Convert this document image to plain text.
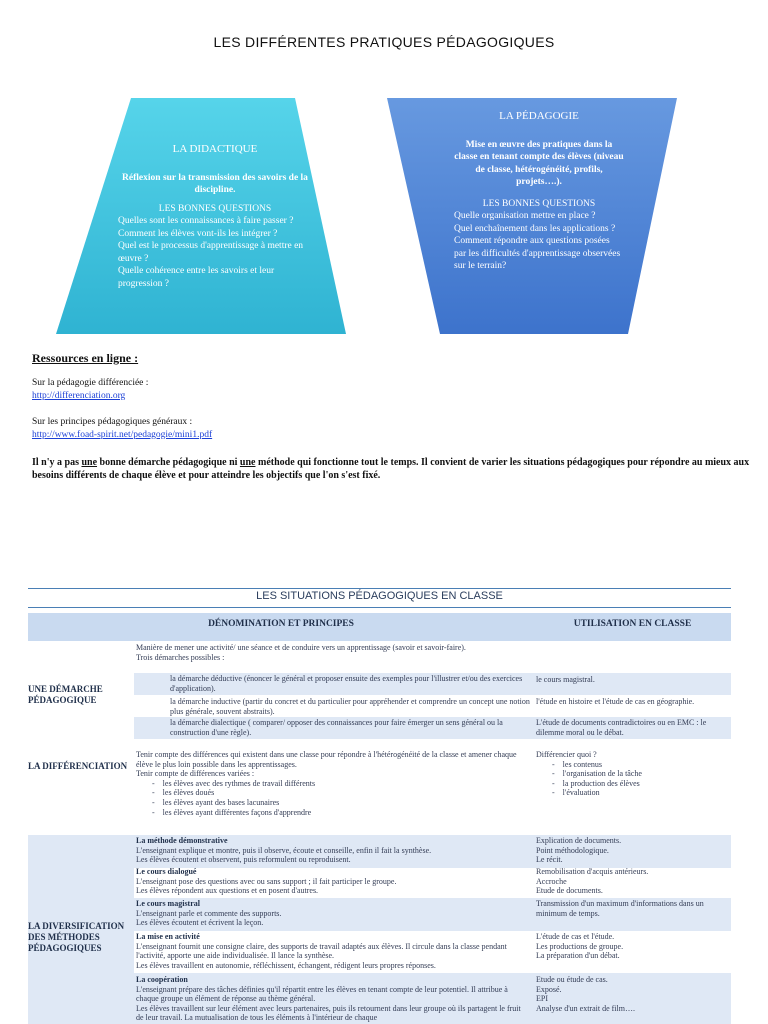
LES DIFFÉRENTES PRATIQUES PÉDAGOGIQUES
LA DIDACTIQUE
Réflexion sur la transmission des savoirs de la discipline.
LES BONNES QUESTIONS
Quelles sont les connaissances à faire passer ?
Comment les élèves vont-ils les intégrer ?
Quel est le processus d'apprentissage à mettre en œuvre ?
Quelle cohérence entre les savoirs et leur progression ?
LA PÉDAGOGIE
Mise en œuvre des pratiques dans la classe en tenant compte des élèves (niveau de classe, hétérogénéité, profils, projets….).
LES BONNES QUESTIONS
Quelle organisation mettre en place ?
Quel enchaînement dans les applications ?
Comment répondre aux questions posées par les difficultés d'apprentissage observées sur le terrain?
Ressources en ligne :
Sur la pédagogie différenciée :
http://differenciation.org
Sur les principes pédagogiques généraux :
http://www.foad-spirit.net/pedagogie/mini1.pdf
Il n'y a pas une bonne démarche pédagogique ni une méthode qui fonctionne tout le temps. Il convient de varier les situations pédagogiques pour répondre au mieux aux besoins différents de chaque élève et pour atteindre les objectifs que l'on s'est fixé.
LES SITUATIONS PÉDAGOGIQUES EN CLASSE
DÉNOMINATION ET PRINCIPES	UTILISATION EN CLASSE
UNE DÉMARCHE PÉDAGOGIQUE
Manière de mener une activité/ une séance et de conduire vers un apprentissage (savoir et savoir-faire).
Trois démarches possibles :
la démarche déductive (énoncer le général et proposer ensuite des exemples pour l'illustrer et/ou des exercices d'application).
la démarche inductive (partir du concret et du particulier pour appréhender et comprendre un concept une notion plus générale, souvent abstraits).
la démarche dialectique ( comparer/ opposer des connaissances pour faire émerger un sens général ou la construction d'une règle).
le cours magistral.
l'étude en histoire et l'étude de cas en géographie.
L'étude de documents contradictoires ou en EMC : le dilemme moral ou le débat.
LA DIFFÉRENCIATION
Tenir compte des différences qui existent dans une classe pour répondre à l'hétérogénéité de la classe et amener chaque élève le plus loin possible dans les apprentissages.
Tenir compte de différences variées :
-    les élèves avec des rythmes de travail différents
-    les élèves doués
-    les élèves ayant des bases lacunaires
-    les élèves ayant différentes façons d'apprendre
Différencier quoi ?
-    les contenus
-    l'organisation de la tâche
-    la production des élèves
-    l'évaluation
LA DIVERSIFICATION DES MÉTHODES PÉDAGOGIQUES
La méthode démonstrative
L'enseignant explique et montre, puis il observe, écoute et conseille, enfin il fait la synthèse.
Les élèves écoutent et observent, puis reformulent ou reproduisent.
Explication de documents.
Point méthodologique.
Le récit.
Le cours dialogué
L'enseignant pose des questions avec ou sans support ; il fait participer le groupe.
Les élèves répondent aux questions et en posent d'autres.
Remobilisation d'acquis antérieurs.
Accroche
Etude de documents.
Le cours magistral
L'enseignant parle et commente des supports.
Les élèves écoutent et écrivent la leçon.
Transmission d'un maximum d'informations dans un minimum de temps.
La mise en activité
L'enseignant fournit une consigne claire, des supports de travail adaptés aux élèves. Il circule dans la classe pendant l'activité, apporte une aide individualisée. Il lance la synthèse.
Les élèves travaillent en autonomie, réfléchissent, échangent, rédigent leurs propres réponses.
L'étude de cas et l'étude.
Les productions de groupe.
La préparation d'un débat.
La coopération
L'enseignant prépare des tâches définies qu'il répartit entre les élèves en tenant compte de leur potentiel. Il attribue à chaque groupe un élément de réponse au thème général.
Les élèves travaillent sur leur élément avec leurs partenaires, puis ils retournent dans leur groupe où ils partagent le fruit de leur travail. La mutualisation de tous les éléments à l'intérieur de chaque
Etude ou étude de cas.
Exposé.
EPI
Analyse d'un extrait de film….
